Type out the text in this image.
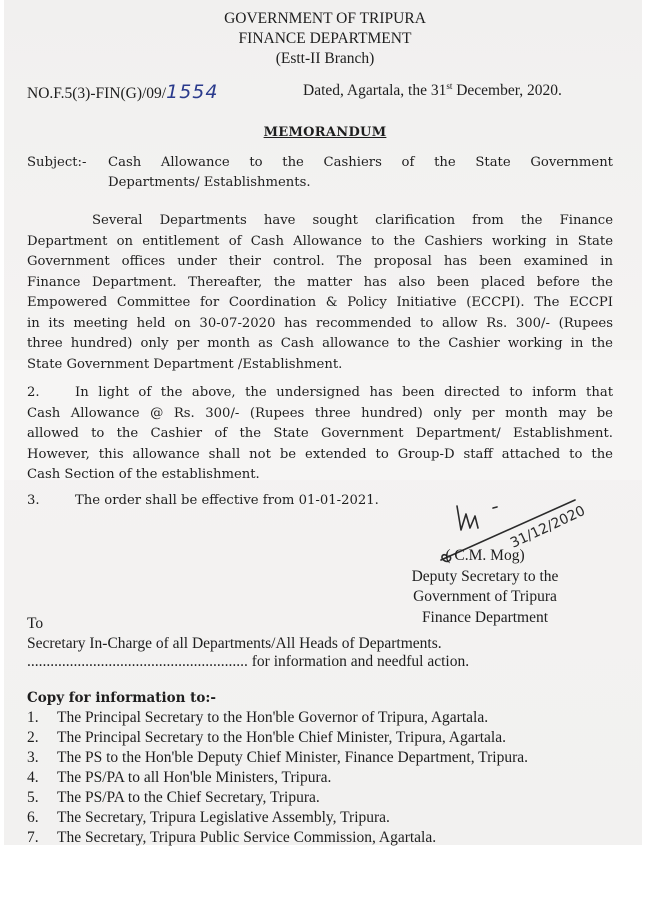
GOVERNMENT OF TRIPURA
FINANCE DEPARTMENT
(Estt-II Branch)
NO.F.5(3)-FIN(G)/09/1554	Dated, Agartala, the 31st December, 2020.
MEMORANDUM
Subject:- Cash Allowance to the Cashiers of the State Government
Departments/ Establishments.
Several Departments have sought clarification from the Finance
Department on entitlement of Cash Allowance to the Cashiers working in State
Government offices under their control. The proposal has been examined in
Finance Department. Thereafter, the matter has also been placed before the
Empowered Committee for Coordination & Policy Initiative (ECCPI). The ECCPI
in its meeting held on 30-07-2020 has recommended to allow Rs. 300/- (Rupees
three hundred) only per month as Cash allowance to the Cashier working in the
State Government Department /Establishment.
2.	In light of the above, the undersigned has been directed to inform that
Cash Allowance @ Rs. 300/- (Rupees three hundred) only per month may be
allowed to the Cashier of the State Government Department/ Establishment.
However, this allowance shall not be extended to Group-D staff attached to the
Cash Section of the establishment.
3.	The order shall be effective from 01-01-2021.
31/12/2020
( C.M. Mog)
Deputy Secretary to the
Government of Tripura
Finance Department
To
Secretary In-Charge of all Departments/All Heads of Departments.
......................................................... for information and needful action.
Copy for information to:-
1.	The Principal Secretary to the Hon'ble Governor of Tripura, Agartala.
2.	The Principal Secretary to the Hon'ble Chief Minister, Tripura, Agartala.
3.	The PS to the Hon'ble Deputy Chief Minister, Finance Department, Tripura.
4.	The PS/PA to all Hon'ble Ministers, Tripura.
5.	The PS/PA to the Chief Secretary, Tripura.
6.	The Secretary, Tripura Legislative Assembly, Tripura.
7.	The Secretary, Tripura Public Service Commission, Agartala.
